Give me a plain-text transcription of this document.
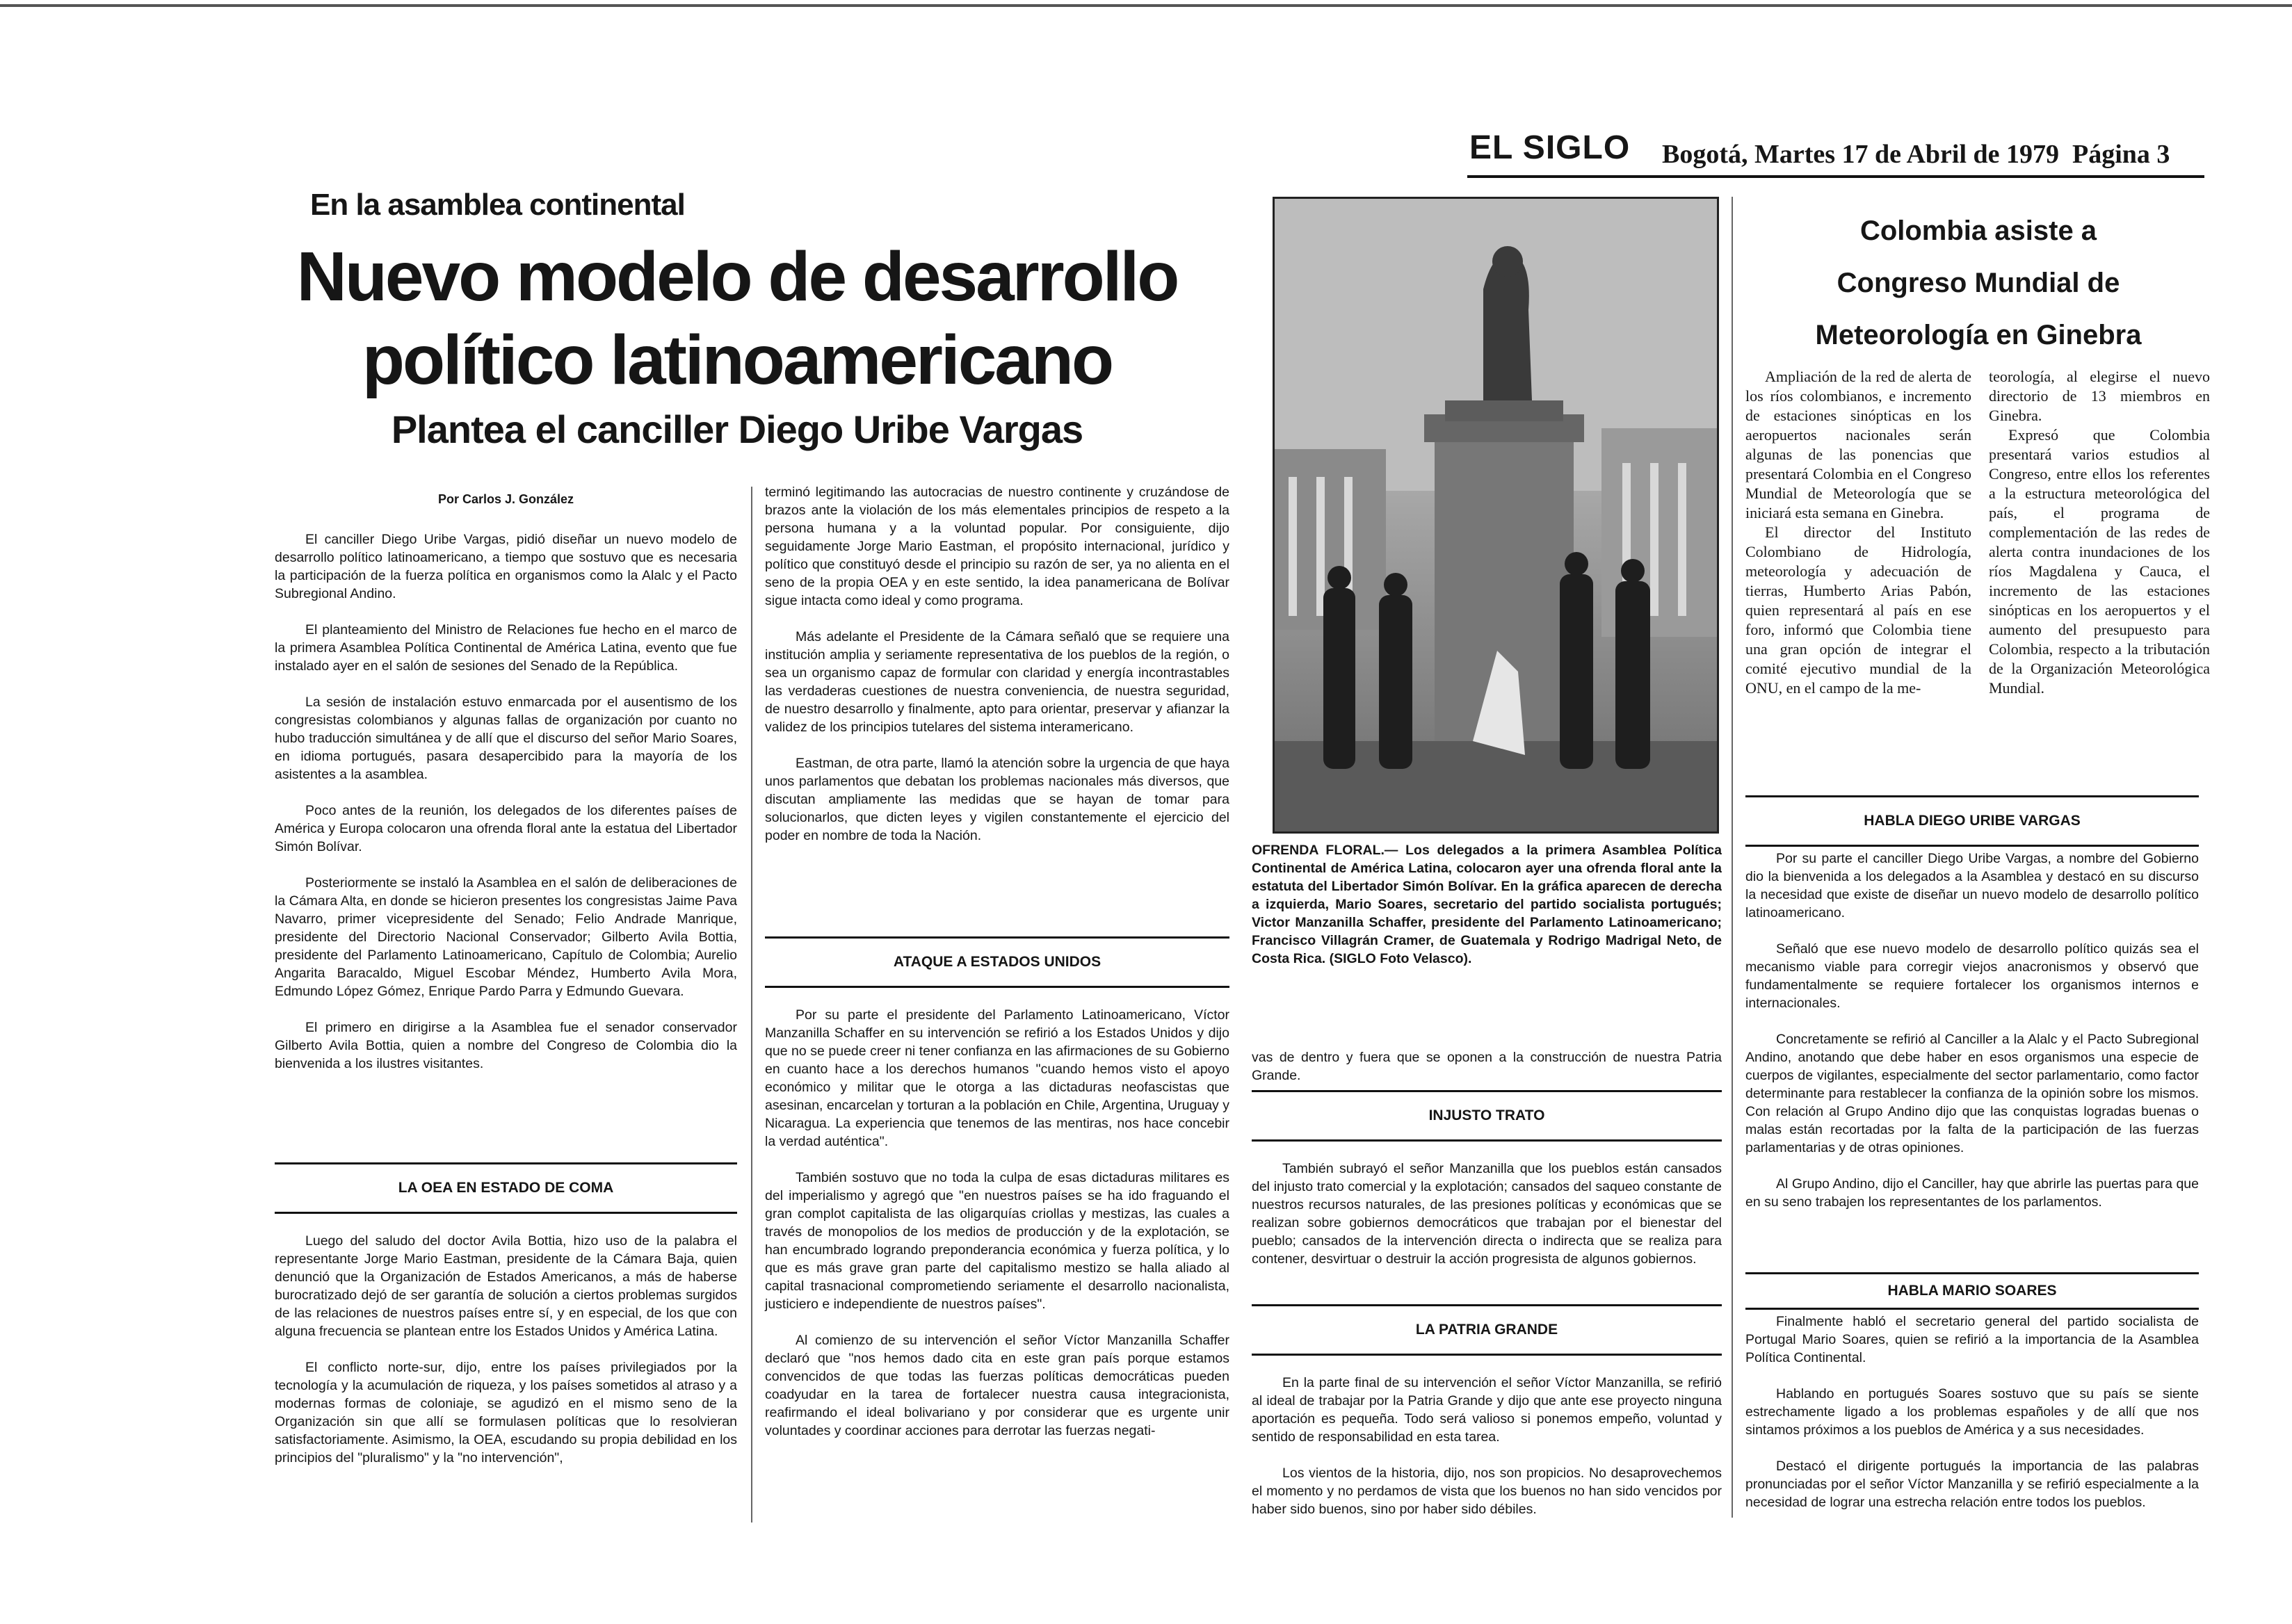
EL SIGLO Bogotá, Martes 17 de Abril de 1979 Página 3
En la asamblea continental
Nuevo modelo de desarrollo
político latinoamericano
Plantea el canciller Diego Uribe Vargas
Por Carlos J. González

El canciller Diego Uribe Vargas, pidió diseñar un nuevo modelo de desarrollo político latinoamericano, a tiempo que sostuvo que es necesaria la participación de la fuerza política en organismos como la Alalc y el Pacto Subregional Andino.

El planteamiento del Ministro de Relaciones fue hecho en el marco de la primera Asamblea Política Continental de América Latina, evento que fue instalado ayer en el salón de sesiones del Senado de la República.

La sesión de instalación estuvo enmarcada por el ausentismo de los congresistas colombianos y algunas fallas de organización por cuanto no hubo traducción simultánea y de allí que el discurso del señor Mario Soares, en idioma portugués, pasara desapercibido para la mayoría de los asistentes a la asamblea.

Poco antes de la reunión, los delegados de los diferentes países de América y Europa colocaron una ofrenda floral ante la estatua del Libertador Simón Bolívar.

Posteriormente se instaló la Asamblea en el salón de deliberaciones de la Cámara Alta, en donde se hicieron presentes los congresistas Jaime Pava Navarro, primer vicepresidente del Senado; Felio Andrade Manrique, presidente del Directorio Nacional Conservador; Gilberto Avila Bottia, presidente del Parlamento Latinoamericano, Capítulo de Colombia; Aurelio Angarita Baracaldo, Miguel Escobar Méndez, Humberto Avila Mora, Edmundo López Gómez, Enrique Pardo Parra y Edmundo Guevara.

El primero en dirigirse a la Asamblea fue el senador conservador Gilberto Avila Bottia, quien a nombre del Congreso de Colombia dio la bienvenida a los ilustres visitantes.

LA OEA EN ESTADO DE COMA

Luego del saludo del doctor Avila Bottia, hizo uso de la palabra el representante Jorge Mario Eastman, presidente de la Cámara Baja, quien denunció que la Organización de Estados Americanos, a más de haberse burocratizado dejó de ser garantía de solución a ciertos problemas surgidos de las relaciones de nuestros países entre sí, y en especial, de los que con alguna frecuencia se plantean entre los Estados Unidos y América Latina.

El conflicto norte-sur, dijo, entre los países privilegiados por la tecnología y la acumulación de riqueza, y los países sometidos al atraso y a modernas formas de coloniaje, se agudizó en el mismo seno de la Organización sin que allí se formulasen políticas que lo resolvieran satisfactoriamente. Asimismo, la OEA, escudando su propia debilidad en los principios del "pluralismo" y la "no intervención",

terminó legitimando las autocracias de nuestro continente y cruzándose de brazos ante la violación de los más elementales principios de respeto a la persona humana y a la voluntad popular. Por consiguiente, dijo seguidamente Jorge Mario Eastman, el propósito internacional, jurídico y político que constituyó desde el principio su razón de ser, ya no alienta en el seno de la propia OEA y en este sentido, la idea panamericana de Bolívar sigue intacta como ideal y como programa.

Más adelante el Presidente de la Cámara señaló que se requiere una institución amplia y seriamente representativa de los pueblos de la región, o sea un organismo capaz de formular con claridad y energía incontrastables las verdaderas cuestiones de nuestra conveniencia, de nuestra seguridad, de nuestro desarrollo y finalmente, apto para orientar, preservar y afianzar la validez de los principios tutelares del sistema interamericano.

Eastman, de otra parte, llamó la atención sobre la urgencia de que haya unos parlamentos que debatan los problemas nacionales más diversos, que discutan ampliamente las medidas que se hayan de tomar para solucionarlos, que dicten leyes y vigilen constantemente el ejercicio del poder en nombre de toda la Nación.

ATAQUE A ESTADOS UNIDOS

Por su parte el presidente del Parlamento Latinoamericano, Víctor Manzanilla Schaffer en su intervención se refirió a los Estados Unidos y dijo que no se puede creer ni tener confianza en las afirmaciones de su Gobierno en cuanto hace a los derechos humanos "cuando hemos visto el apoyo económico y militar que le otorga a las dictaduras neofascistas que asesinan, encarcelan y torturan a la población en Chile, Argentina, Uruguay y Nicaragua. La experiencia que tenemos de las mentiras, nos hace concebir la verdad auténtica".

También sostuvo que no toda la culpa de esas dictaduras militares es del imperialismo y agregó que "en nuestros países se ha ido fraguando el gran complot capitalista de las oligarquías criollas y mestizas, las cuales a través de monopolios de los medios de producción y de la explotación, se han encumbrado logrando preponderancia económica y fuerza política, y lo que es más grave gran parte del capitalismo mestizo se halla aliado al capital trasnacional comprometiendo seriamente el desarrollo nacionalista, justiciero e independiente de nuestros países".

Al comienzo de su intervención el señor Víctor Manzanilla Schaffer declaró que "nos hemos dado cita en este gran país porque estamos convencidos de que todas las fuerzas políticas democráticas pueden coadyudar en la tarea de fortalecer nuestra causa integracionista, reafirmando el ideal bolivariano y por considerar que es urgente unir voluntades y coordinar acciones para derrotar las fuerzas negati-

OFRENDA FLORAL.— Los delegados a la primera Asamblea Política Continental de América Latina, colocaron ayer una ofrenda floral ante la estatuta del Libertador Simón Bolívar. En la gráfica aparecen de derecha a izquierda, Mario Soares, secretario del partido socialista portugués; Victor Manzanilla Schaffer, presidente del Parlamento Latinoamericano; Francisco Villagrán Cramer, de Guatemala y Rodrigo Madrigal Neto, de Costa Rica. (SIGLO Foto Velasco).

vas de dentro y fuera que se oponen a la construcción de nuestra Patria Grande.

INJUSTO TRATO

También subrayó el señor Manzanilla que los pueblos están cansados del injusto trato comercial y la explotación; cansados del saqueo constante de nuestros recursos naturales, de las presiones políticas y económicas que se realizan sobre gobiernos democráticos que trabajan por el bienestar del pueblo; cansados de la intervención directa o indirecta que se realiza para contener, desvirtuar o destruir la acción progresista de algunos gobiernos.

LA PATRIA GRANDE

En la parte final de su intervención el señor Víctor Manzanilla, se refirió al ideal de trabajar por la Patria Grande y dijo que ante ese proyecto ninguna aportación es pequeña. Todo será valioso si ponemos empeño, voluntad y sentido de responsabilidad en esta tarea.

Los vientos de la historia, dijo, nos son propicios. No desaprovechemos el momento y no perdamos de vista que los buenos no han sido vencidos por haber sido buenos, sino por haber sido débiles.

Colombia asiste a
Congreso Mundial de
Meteorología en Ginebra

Ampliación de la red de alerta de los ríos colombianos, e incremento de estaciones sinópticas en los aeropuertos nacionales serán algunas de las ponencias que presentará Colombia en el Congreso Mundial de Meteorología que se iniciará esta semana en Ginebra.

El director del Instituto Colombiano de Hidrología, meteorología y adecuación de tierras, Humberto Arias Pabón, quien representará al país en ese foro, informó que Colombia tiene una gran opción de integrar el comité ejecutivo mundial de la ONU, en el campo de la me-

teorología, al elegirse el nuevo directorio de 13 miembros en Ginebra.

Expresó que Colombia presentará varios estudios al Congreso, entre ellos los referentes a la estructura meteorológica del país, el programa de complementación de las redes de alerta contra inundaciones de los ríos Magdalena y Cauca, el incremento de las estaciones sinópticas en los aeropuertos y el aumento del presupuesto para Colombia, respecto a la tributación de la Organización Meteorológica Mundial.

HABLA DIEGO URIBE VARGAS

Por su parte el canciller Diego Uribe Vargas, a nombre del Gobierno dio la bienvenida a los delegados a la Asamblea y destacó en su discurso la necesidad que existe de diseñar un nuevo modelo de desarrollo político latinoamericano.

Señaló que ese nuevo modelo de desarrollo político quizás sea el mecanismo viable para corregir viejos anacronismos y observó que fundamentalmente se requiere fortalecer los organismos internos e internacionales.

Concretamente se refirió al Canciller a la Alalc y el Pacto Subregional Andino, anotando que debe haber en esos organismos una especie de cuerpos de vigilantes, especialmente del sector parlamentario, como factor determinante para restablecer la confianza de la opinión sobre los mismos. Con relación al Grupo Andino dijo que las conquistas logradas buenas o malas están recortadas por la falta de la participación de las fuerzas parlamentarias y de otras opiniones.

Al Grupo Andino, dijo el Canciller, hay que abrirle las puertas para que en su seno trabajen los representantes de los parlamentos.

HABLA MARIO SOARES

Finalmente habló el secretario general del partido socialista de Portugal Mario Soares, quien se refirió a la importancia de la Asamblea Política Continental.

Hablando en portugués Soares sostuvo que su país se siente estrechamente ligado a los problemas españoles y de allí que nos sintamos próximos a los pueblos de América y a sus necesidades.

Destacó el dirigente portugués la importancia de las palabras pronunciadas por el señor Víctor Manzanilla y se refirió especialmente a la necesidad de lograr una estrecha relación entre todos los pueblos.
